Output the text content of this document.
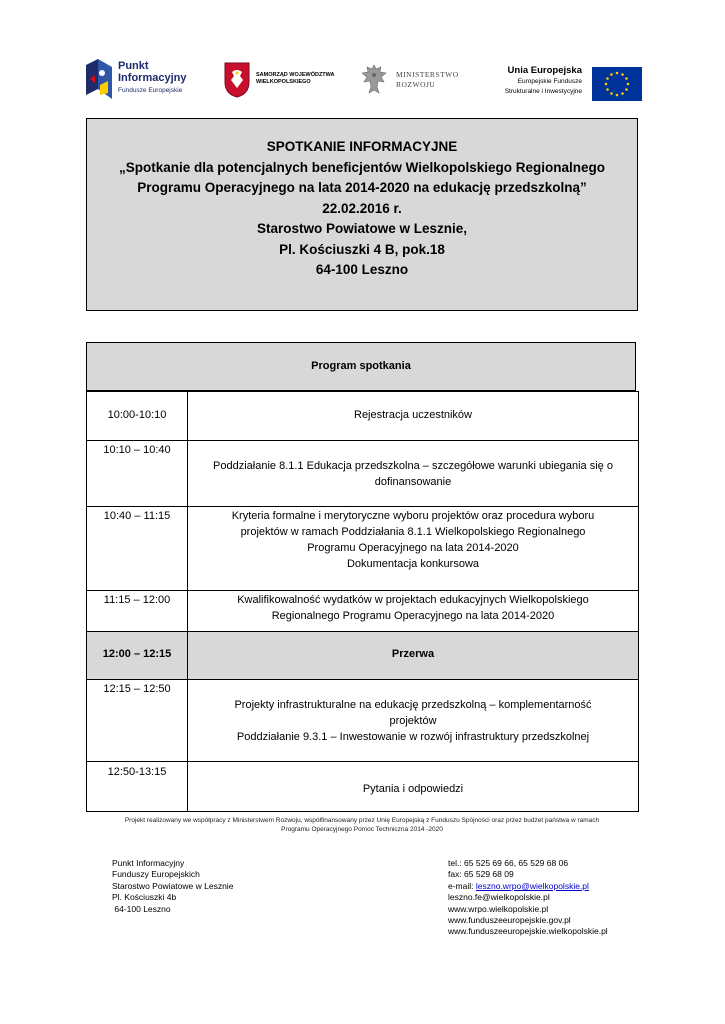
Punkt
Informacyjny
Fundusze Europejskie
SAMORZĄD WOJEWÓDZTWA
WIELKOPOLSKIEGO
MINISTERSTWO
ROZWOJU
Unia Europejska
Europejskie Fundusze
Strukturalne i Inwestycyjne
SPOTKANIE INFORMACYJNE
„Spotkanie dla potencjalnych beneficjentów Wielkopolskiego Regionalnego
Programu Operacyjnego na lata 2014-2020 na edukację przedszkolną”
22.02.2016 r.
Starostwo Powiatowe w Lesznie,
Pl. Kościuszki 4 B, pok.18
64-100 Leszno
Program spotkania
10:00-10:10	Rejestracja uczestników

10:10 – 10:40	Poddziałanie 8.1.1 Edukacja przedszkolna – szczegółowe warunki ubiegania się o
dofinansowanie

10:40 – 11:15	Kryteria formalne i merytoryczne wyboru projektów oraz procedura wyboru
projektów w ramach Poddziałania 8.1.1 Wielkopolskiego Regionalnego
Programu Operacyjnego na lata 2014-2020
Dokumentacja konkursowa

11:15 – 12:00	Kwalifikowalność wydatków w projektach edukacyjnych Wielkopolskiego
Regionalnego Programu Operacyjnego na lata 2014-2020

12:00 – 12:15	Przerwa

12:15 – 12:50	Projekty infrastrukturalne na edukację przedszkolną – komplementarność
projektów
Poddziałanie 9.3.1 – Inwestowanie w rozwój infrastruktury przedszkolnej

12:50-13:15	Pytania i odpowiedzi
Projekt realizowany we współpracy z Ministerstwem Rozwoju, współfinansowany przez Unię Europejską z Funduszu Spójności oraz przez budżet państwa w ramach
Programu Operacyjnego Pomoc Techniczna 2014 -2020
Punkt Informacyjny
Funduszy Europejskich
Starostwo Powiatowe w Lesznie
Pl. Kościuszki 4b
64-100 Leszno
tel.: 65 525 69 66, 65 529 68 06
fax: 65 529 68 09
e-mail: leszno.wrpo@wielkopolskie.pl
leszno.fe@wielkopolskie.pl
www.wrpo.wielkopolskie.pl
www.funduszeeuropejskie.gov.pl
www.funduszeeuropejskie.wielkopolskie.pl
